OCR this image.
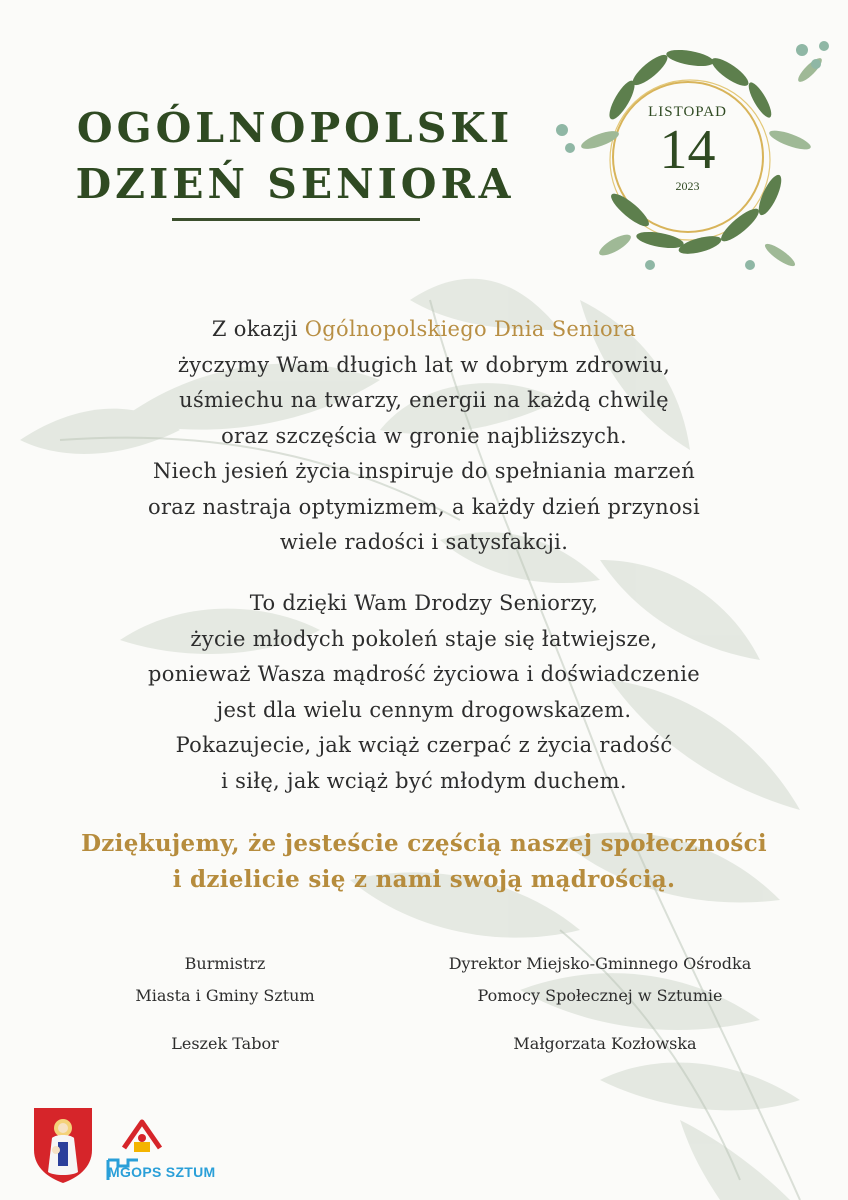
OGÓLNOPOLSKI
DZIEŃ SENIORA
LISTOPAD
14
2023
Z okazji Ogólnopolskiego Dnia Seniora
życzymy Wam długich lat w dobrym zdrowiu,
uśmiechu na twarzy, energii na każdą chwilę
oraz szczęścia w gronie najbliższych.
Niech jesień życia inspiruje do spełniania marzeń
oraz nastraja optymizmem, a każdy dzień przynosi
wiele radości i satysfakcji.
To dzięki Wam Drodzy Seniorzy,
życie młodych pokoleń staje się łatwiejsze,
ponieważ Wasza mądrość życiowa i doświadczenie
jest dla wielu cennym drogowskazem.
Pokazujecie, jak wciąż czerpać z życia radość
i siłę, jak wciąż być młodym duchem.
Dziękujemy, że jesteście częścią naszej społeczności
i dzielicie się z nami swoją mądrością.
Burmistrz
Miasta i Gminy Sztum
Dyrektor Miejsko-Gminnego Ośrodka
Pomocy Społecznej w Sztumie
Leszek Tabor	Małgorzata Kozłowska
MGOPS SZTUM
